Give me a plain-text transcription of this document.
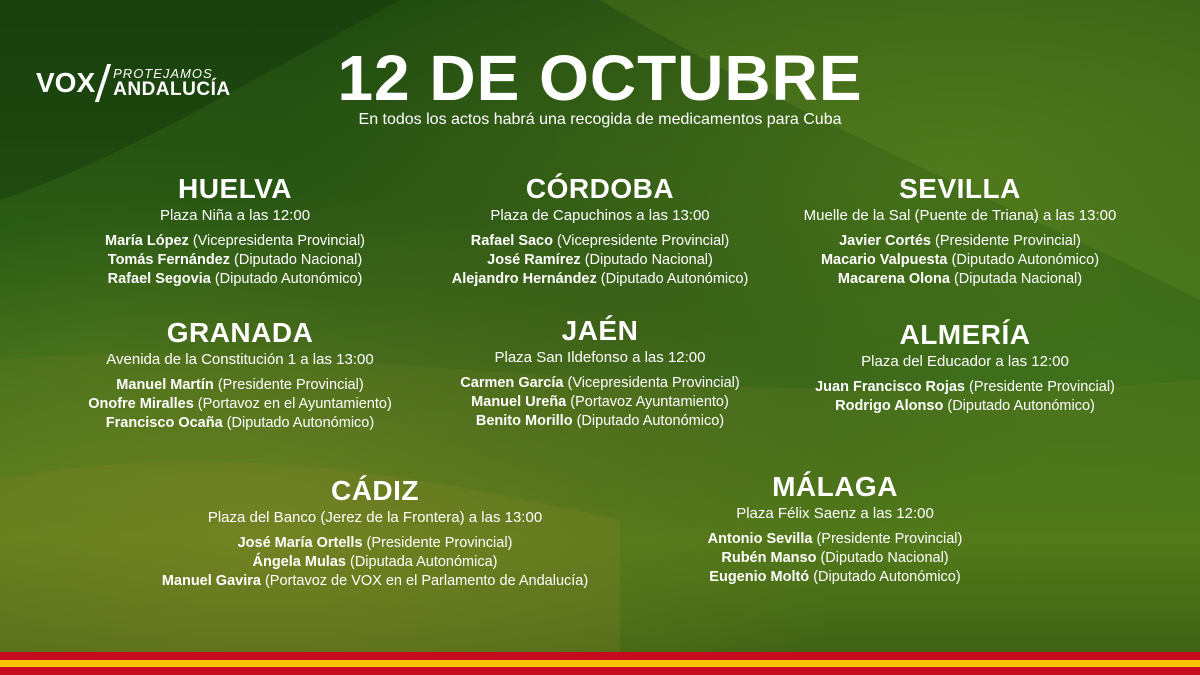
VOX PROTEJAMOS
ANDALUCÍA	12 DE OCTUBRE
En todos los actos habrá una recogida de medicamentos para Cuba
HUELVA
Plaza Niña a las 12:00
María López (Vicepresidenta Provincial)
Tomás Fernández (Diputado Nacional)
Rafael Segovia (Diputado Autonómico)
CÓRDOBA
Plaza de Capuchinos a las 13:00
Rafael Saco (Vicepresidente Provincial)
José Ramírez (Diputado Nacional)
Alejandro Hernández (Diputado Autonómico)
SEVILLA
Muelle de la Sal (Puente de Triana) a las 13:00
Javier Cortés (Presidente Provincial)
Macario Valpuesta (Diputado Autonómico)
Macarena Olona (Diputada Nacional)
GRANADA
Avenida de la Constitución 1 a las 13:00
Manuel Martín (Presidente Provincial)
Onofre Miralles (Portavoz en el Ayuntamiento)
Francisco Ocaña (Diputado Autonómico)
JAÉN
Plaza San Ildefonso a las 12:00
Carmen García (Vicepresidenta Provincial)
Manuel Ureña (Portavoz Ayuntamiento)
Benito Morillo (Diputado Autonómico)
ALMERÍA
Plaza del Educador a las 12:00
Juan Francisco Rojas (Presidente Provincial)
Rodrigo Alonso (Diputado Autonómico)
CÁDIZ
Plaza del Banco (Jerez de la Frontera) a las 13:00
José María Ortells (Presidente Provincial)
Ángela Mulas (Diputada Autonómica)
Manuel Gavira (Portavoz de VOX en el Parlamento de Andalucía)
MÁLAGA
Plaza Félix Saenz a las 12:00
Antonio Sevilla (Presidente Provincial)
Rubén Manso (Diputado Nacional)
Eugenio Moltó (Diputado Autonómico)
